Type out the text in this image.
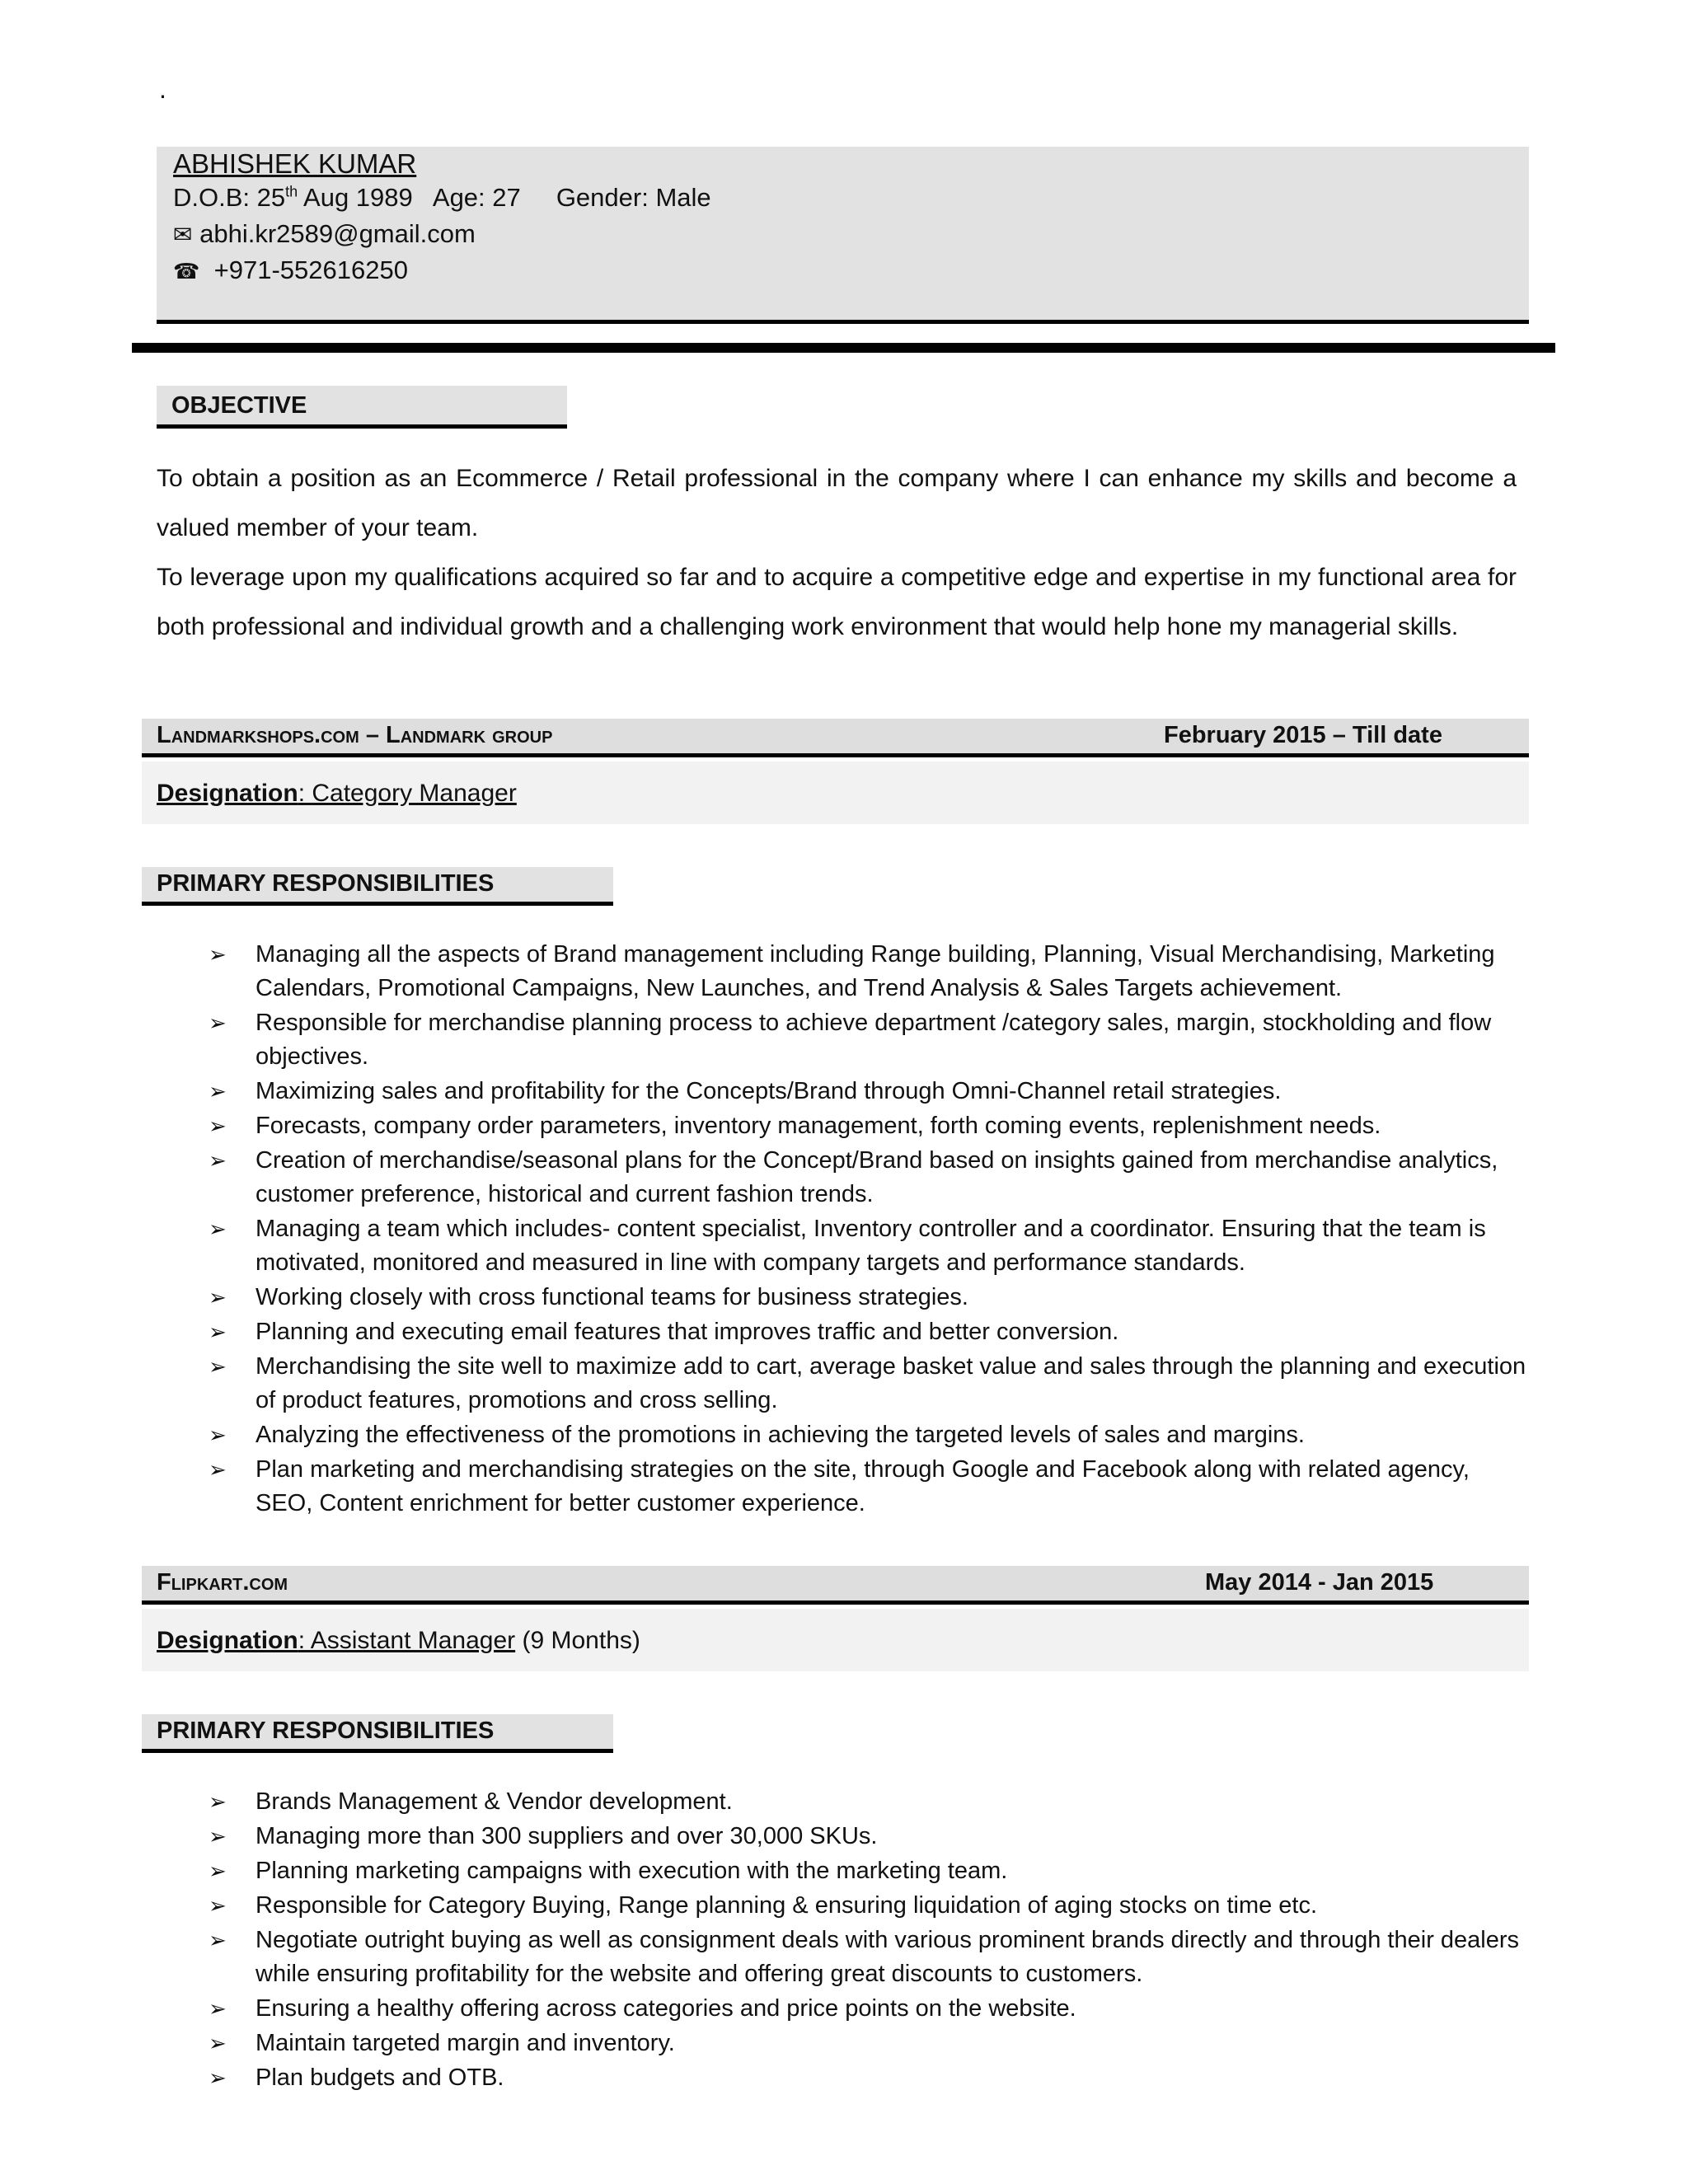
.
ABHISHEK KUMAR
D.O.B: 25th Aug 1989   Age: 27     Gender: Male
✉ abhi.kr2589@gmail.com
☎ +971-552616250
OBJECTIVE

To obtain a position as an Ecommerce / Retail professional in the company where I can enhance my skills and become a valued member of your team.

To leverage upon my qualifications acquired so far and to acquire a competitive edge and expertise in my functional area for both professional and individual growth and a challenging work environment that would help hone my managerial skills.

Landmarkshops.com – Landmark group	February 2015 – Till date
Designation: Category Manager
PRIMARY RESPONSIBILITIES
➢ Managing all the aspects of Brand management including Range building, Planning, Visual Merchandising, Marketing Calendars, Promotional Campaigns, New Launches, and Trend Analysis & Sales Targets achievement.
➢ Responsible for merchandise planning process to achieve department /category sales, margin, stockholding and flow objectives.
➢ Maximizing sales and profitability for the Concepts/Brand through Omni-Channel retail strategies.
➢ Forecasts, company order parameters, inventory management, forth coming events, replenishment needs.
➢ Creation of merchandise/seasonal plans for the Concept/Brand based on insights gained from merchandise analytics, customer preference, historical and current fashion trends.
➢ Managing a team which includes- content specialist, Inventory controller and a coordinator. Ensuring that the team is motivated, monitored and measured in line with company targets and performance standards.
➢ Working closely with cross functional teams for business strategies.
➢ Planning and executing email features that improves traffic and better conversion.
➢ Merchandising the site well to maximize add to cart, average basket value and sales through the planning and execution of product features, promotions and cross selling.
➢ Analyzing the effectiveness of the promotions in achieving the targeted levels of sales and margins.
➢ Plan marketing and merchandising strategies on the site, through Google and Facebook along with related agency, SEO, Content enrichment for better customer experience.
Flipkart.com	May 2014 - Jan 2015
Designation: Assistant Manager (9 Months)
PRIMARY RESPONSIBILITIES
➢ Brands Management & Vendor development.
➢ Managing more than 300 suppliers and over 30,000 SKUs.
➢ Planning marketing campaigns with execution with the marketing team.
➢ Responsible for Category Buying, Range planning & ensuring liquidation of aging stocks on time etc.
➢ Negotiate outright buying as well as consignment deals with various prominent brands directly and through their dealers while ensuring profitability for the website and offering great discounts to customers.
➢ Ensuring a healthy offering across categories and price points on the website.
➢ Maintain targeted margin and inventory.
➢ Plan budgets and OTB.
